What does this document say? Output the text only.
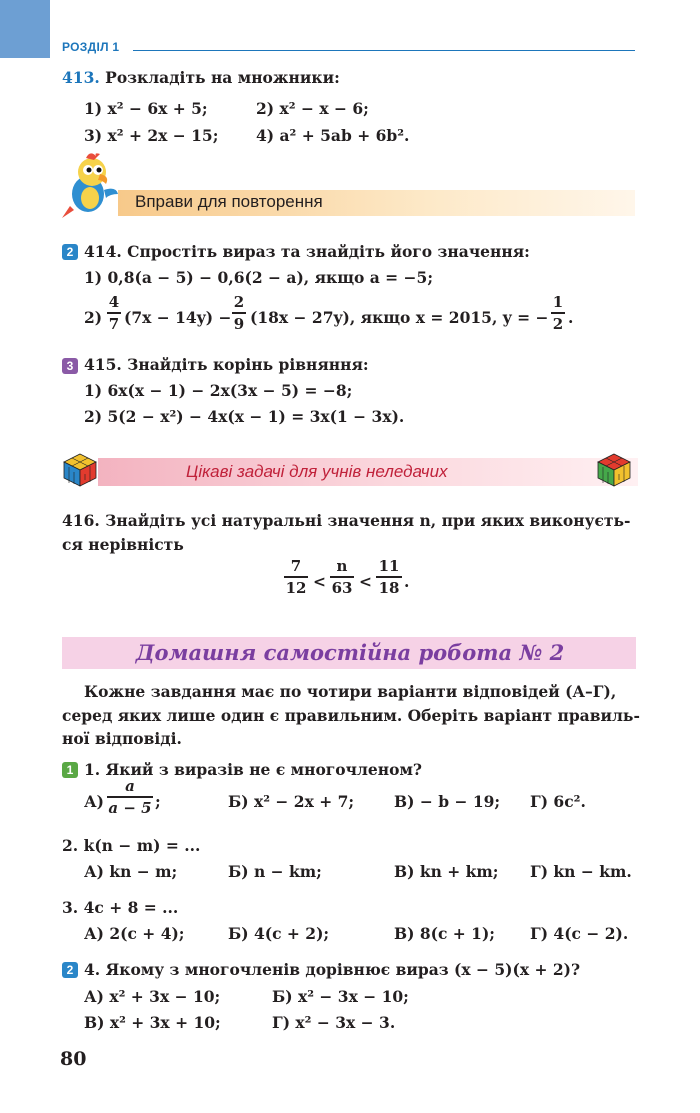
РОЗДІЛ 1
413. Розкладіть на множники:
1) x² − 6x + 5;	2) x² − x − 6;
3) x² + 2x − 15; 4) a² + 5ab + 6b².
Вправи для повторення
2 414. Спростіть вираз та знайдіть його значення:
1) 0,8(a − 5) − 0,6(2 − a), якщо a = −5;
2)
4
7 (7x − 14y) −
2
9 (18x − 27y), якщо x = 2015, y = −
1
2 .
3 415. Знайдіть корінь рівняння:
1) 6x(x − 1) − 2x(3x − 5) = −8;
2) 5(2 − x²) − 4x(x − 1) = 3x(1 − 3x).
Цікаві задачі для учнів неледачих
416. Знайдіть усі натуральні значення n, при яких виконуєть-
ся нерівність
7
12 <
n
63 <
11
18 .
Домашня самостійна робота № 2
Кожне завдання має по чотири варіанти відповідей (А–Г),
серед яких лише один є правильним. Оберіть варіант правиль-
ної відповіді.
1 1. Який з виразів не є многочленом?
А)
a
a − 5 ;	Б) x² − 2x + 7;	В) − b − 19; Г) 6c².
2. k(n − m) = ...
А) kn − m;	Б) n − km;	В) kn + km; Г) kn − km.
3. 4c + 8 = ...
А) 2(c + 4);	Б) 4(c + 2);	В) 8(c + 1); Г) 4(c − 2).
2 4. Якому з многочленів дорівнює вираз (x − 5)(x + 2)?
А) x² + 3x − 10;	Б) x² − 3x − 10;
В) x² + 3x + 10;	Г) x² − 3x − 3.
80
